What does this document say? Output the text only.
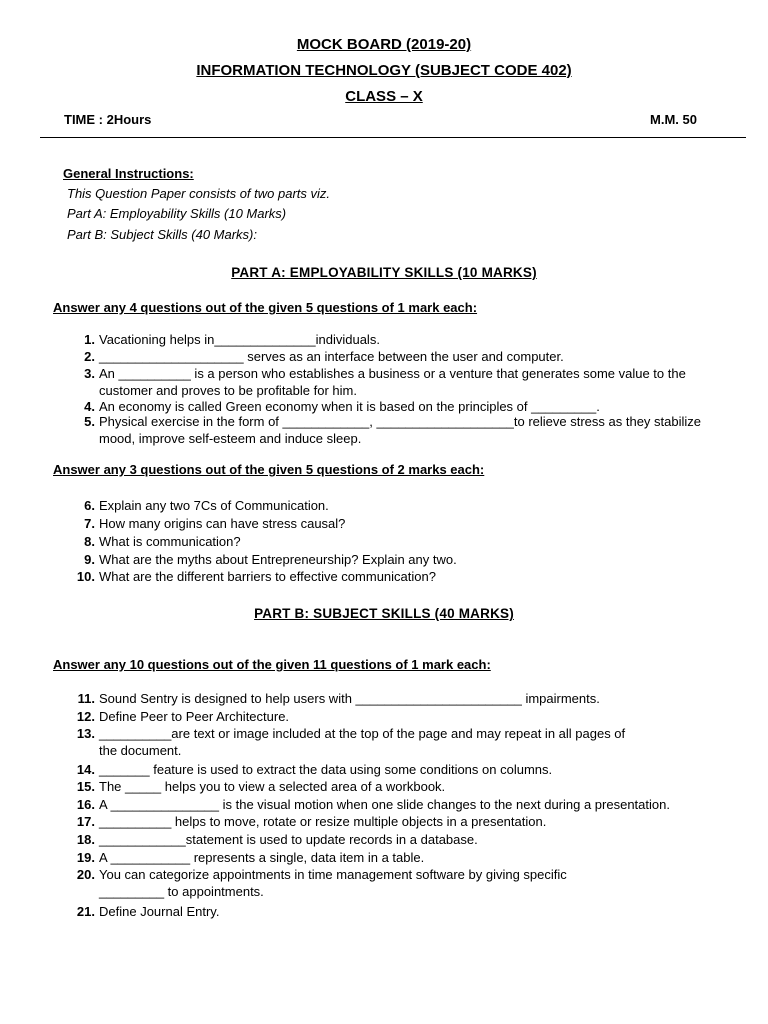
MOCK BOARD (2019-20)
INFORMATION TECHNOLOGY (SUBJECT CODE 402)
CLASS – X
TIME : 2Hours	M.M. 50
General Instructions:
This Question Paper consists of two parts viz.
Part A: Employability Skills (10 Marks)
Part B: Subject Skills (40 Marks):
PART A: EMPLOYABILITY SKILLS (10 MARKS)
Answer any 4 questions out of the given 5 questions of 1 mark each:
1. Vacationing helps in______________individuals.
2. ____________________ serves as an interface between the user and computer.
3. An __________ is a person who establishes a business or a venture that generates some value to the
customer and proves to be profitable for him.
4. An economy is called Green economy when it is based on the principles of _________.
5. Physical exercise in the form of ____________, ___________________to relieve stress as they stabilize
mood, improve self-esteem and induce sleep.
Answer any 3 questions out of the given 5 questions of 2 marks each:
6. Explain any two 7Cs of Communication.
7. How many origins can have stress causal?
8. What is communication?
9. What are the myths about Entrepreneurship? Explain any two.
10. What are the different barriers to effective communication?
PART B: SUBJECT SKILLS (40 MARKS)
Answer any 10 questions out of the given 11 questions of 1 mark each:
11. Sound Sentry is designed to help users with _______________________ impairments.
12. Define Peer to Peer Architecture.
13. __________are text or image included at the top of the page and may repeat in all pages of
the document.
14. _______ feature is used to extract the data using some conditions on columns.
15. The _____ helps you to view a selected area of a workbook.
16. A _______________ is the visual motion when one slide changes to the next during a presentation.
17. __________ helps to move, rotate or resize multiple objects in a presentation.
18. ____________statement is used to update records in a database.
19. A ___________ represents a single, data item in a table.
20. You can categorize appointments in time management software by giving specific
_________ to appointments.
21. Define Journal Entry.
